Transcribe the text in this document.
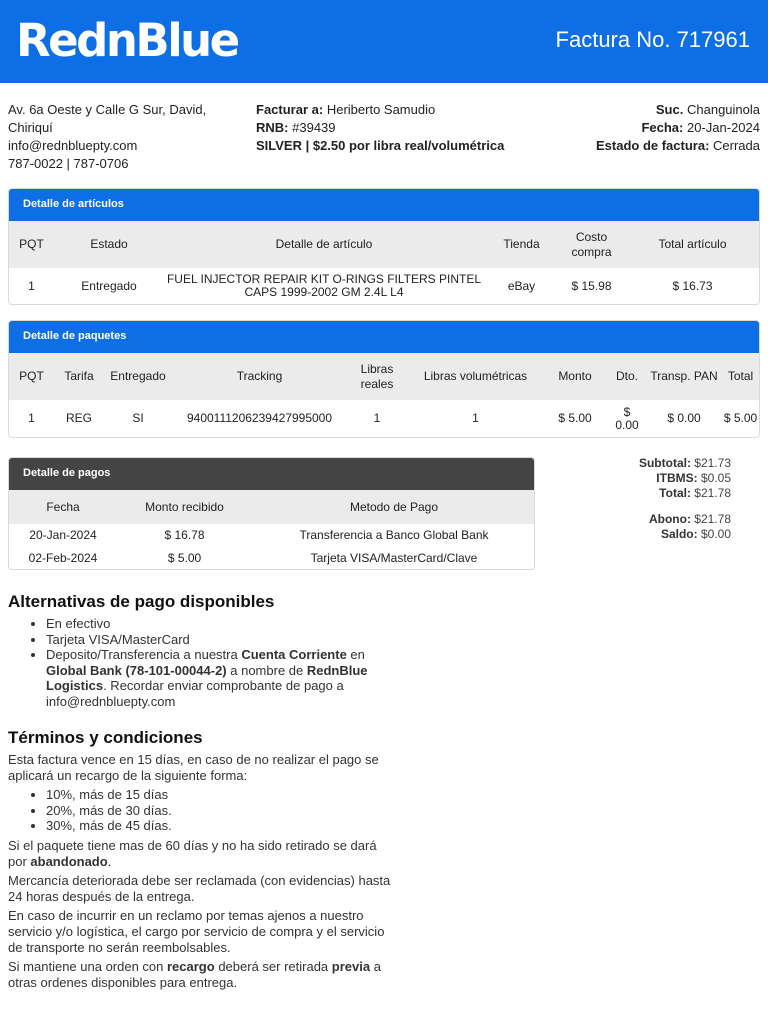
RednBlue	Factura No. 717961
Av. 6a Oeste y Calle G Sur, David, Chiriquí
info@rednbluepty.com
787-0022 | 787-0706
Facturar a: Heriberto Samudio
RNB: #39439
SILVER | $2.50 por libra real/volumétrica
Suc. Changuinola
Fecha: 20-Jan-2024
Estado de factura: Cerrada
Detalle de artículos
PQT	Estado	Detalle de artículo	Tienda	Costo compra	Total artículo
1	Entregado	FUEL INJECTOR REPAIR KIT O-RINGS FILTERS PINTEL CAPS 1999-2002 GM 2.4L L4	eBay	$ 15.98	$ 16.73
Detalle de paquetes
PQT	Tarifa	Entregado	Tracking	Libras reales	Libras volumétricas	Monto	Dto.	Transp. PAN	Total
1	REG	SI	9400111206239427995000	1	1	$ 5.00	$ 0.00	$ 0.00	$ 5.00
Detalle de pagos
Fecha	Monto recibido	Metodo de Pago
20-Jan-2024	$ 16.78	Transferencia a Banco Global Bank
02-Feb-2024	$ 5.00	Tarjeta VISA/MasterCard/Clave
Subtotal: $21.73
ITBMS: $0.05
Total: $21.78
Abono: $21.78
Saldo: $0.00
Alternativas de pago disponibles
• En efectivo
• Tarjeta VISA/MasterCard
• Deposito/Transferencia a nuestra Cuenta Corriente en Global Bank (78-101-00044-2) a nombre de RednBlue Logistics. Recordar enviar comprobante de pago a info@rednbluepty.com
Términos y condiciones

Esta factura vence en 15 días, en caso de no realizar el pago se aplicará un recargo de la siguiente forma:

• 10%, más de 15 días
• 20%, más de 30 días.
• 30%, más de 45 días.

Si el paquete tiene mas de 60 días y no ha sido retirado se dará por abandonado.

Mercancía deteriorada debe ser reclamada (con evidencias) hasta 24 horas después de la entrega.

En caso de incurrir en un reclamo por temas ajenos a nuestro servicio y/o logística, el cargo por servicio de compra y el servicio de transporte no serán reembolsables.

Si mantiene una orden con recargo deberá ser retirada previa a otras ordenes disponibles para entrega.
